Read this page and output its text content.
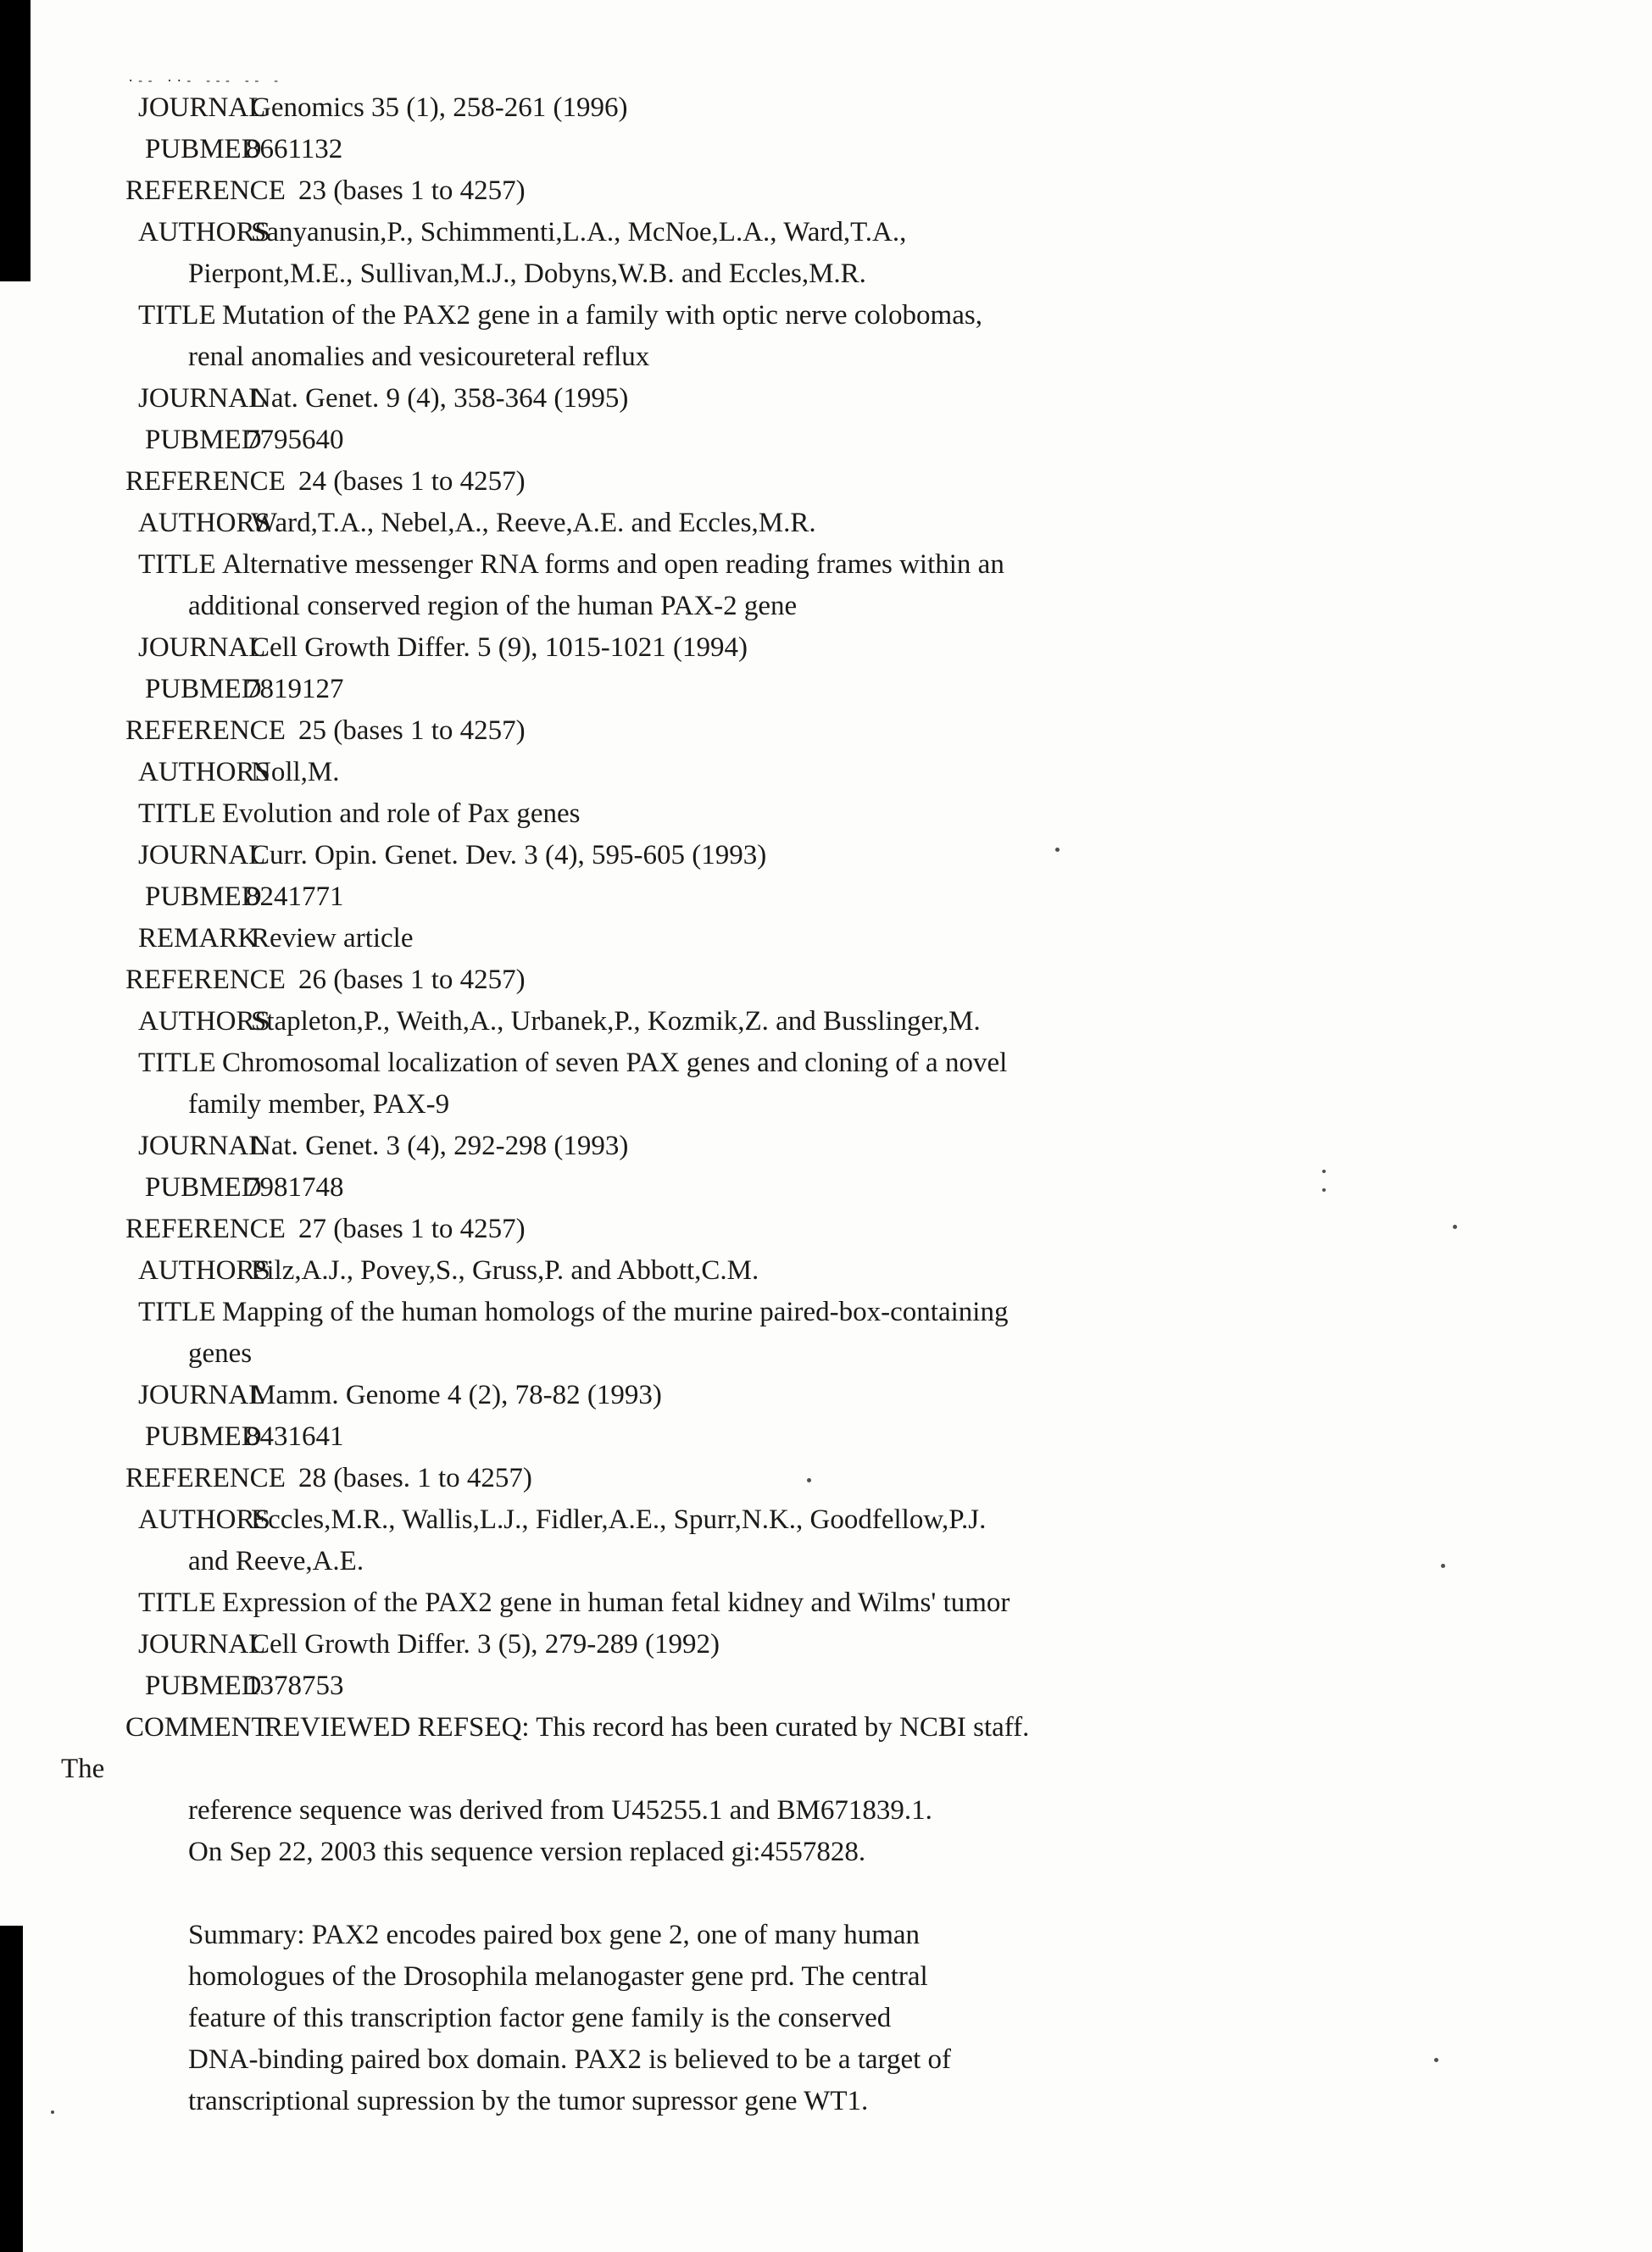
·-- ··- --- -- -
JOURNAL
Genomics 35 (1), 258-261 (1996)
PUBMED
8661132
REFERENCE 23 (bases 1 to 4257)
AUTHORS
Sanyanusin,P., Schimmenti,L.A., McNoe,L.A., Ward,T.A.,
Pierpont,M.E., Sullivan,M.J., Dobyns,W.B. and Eccles,M.R.
TITLE Mutation of the PAX2 gene in a family with optic nerve colobomas,
renal anomalies and vesicoureteral reflux
JOURNAL
Nat. Genet. 9 (4), 358-364 (1995)
PUBMED
7795640
REFERENCE 24 (bases 1 to 4257)
AUTHORS
Ward,T.A., Nebel,A., Reeve,A.E. and Eccles,M.R.
TITLE Alternative messenger RNA forms and open reading frames within an
additional conserved region of the human PAX-2 gene
JOURNAL
Cell Growth Differ. 5 (9), 1015-1021 (1994)
PUBMED
7819127
REFERENCE 25 (bases 1 to 4257)
AUTHORS
Noll,M.
TITLE Evolution and role of Pax genes
JOURNAL
Curr. Opin. Genet. Dev. 3 (4), 595-605 (1993)
PUBMED
8241771
REMARK
Review article
REFERENCE 26 (bases 1 to 4257)
AUTHORS
Stapleton,P., Weith,A., Urbanek,P., Kozmik,Z. and Busslinger,M.
TITLE Chromosomal localization of seven PAX genes and cloning of a novel
family member, PAX-9
JOURNAL
Nat. Genet. 3 (4), 292-298 (1993)
PUBMED
7981748
REFERENCE 27 (bases 1 to 4257)
AUTHORS
Pilz,A.J., Povey,S., Gruss,P. and Abbott,C.M.
TITLE Mapping of the human homologs of the murine paired-box-containing
genes
JOURNAL
Mamm. Genome 4 (2), 78-82 (1993)
PUBMED
8431641
REFERENCE 28 (bases. 1 to 4257)
AUTHORS
Eccles,M.R., Wallis,L.J., Fidler,A.E., Spurr,N.K., Goodfellow,P.J.
and Reeve,A.E.
TITLE Expression of the PAX2 gene in human fetal kidney and Wilms' tumor
JOURNAL
Cell Growth Differ. 3 (5), 279-289 (1992)
PUBMED
1378753
COMMENT
REVIEWED REFSEQ: This record has been curated by NCBI staff.
The
reference sequence was derived from U45255.1 and BM671839.1.
On Sep 22, 2003 this sequence version replaced gi:4557828.
Summary: PAX2 encodes paired box gene 2, one of many human
homologues of the Drosophila melanogaster gene prd. The central
feature of this transcription factor gene family is the conserved
DNA-binding paired box domain. PAX2 is believed to be a target of
transcriptional supression by the tumor supressor gene WT1.
